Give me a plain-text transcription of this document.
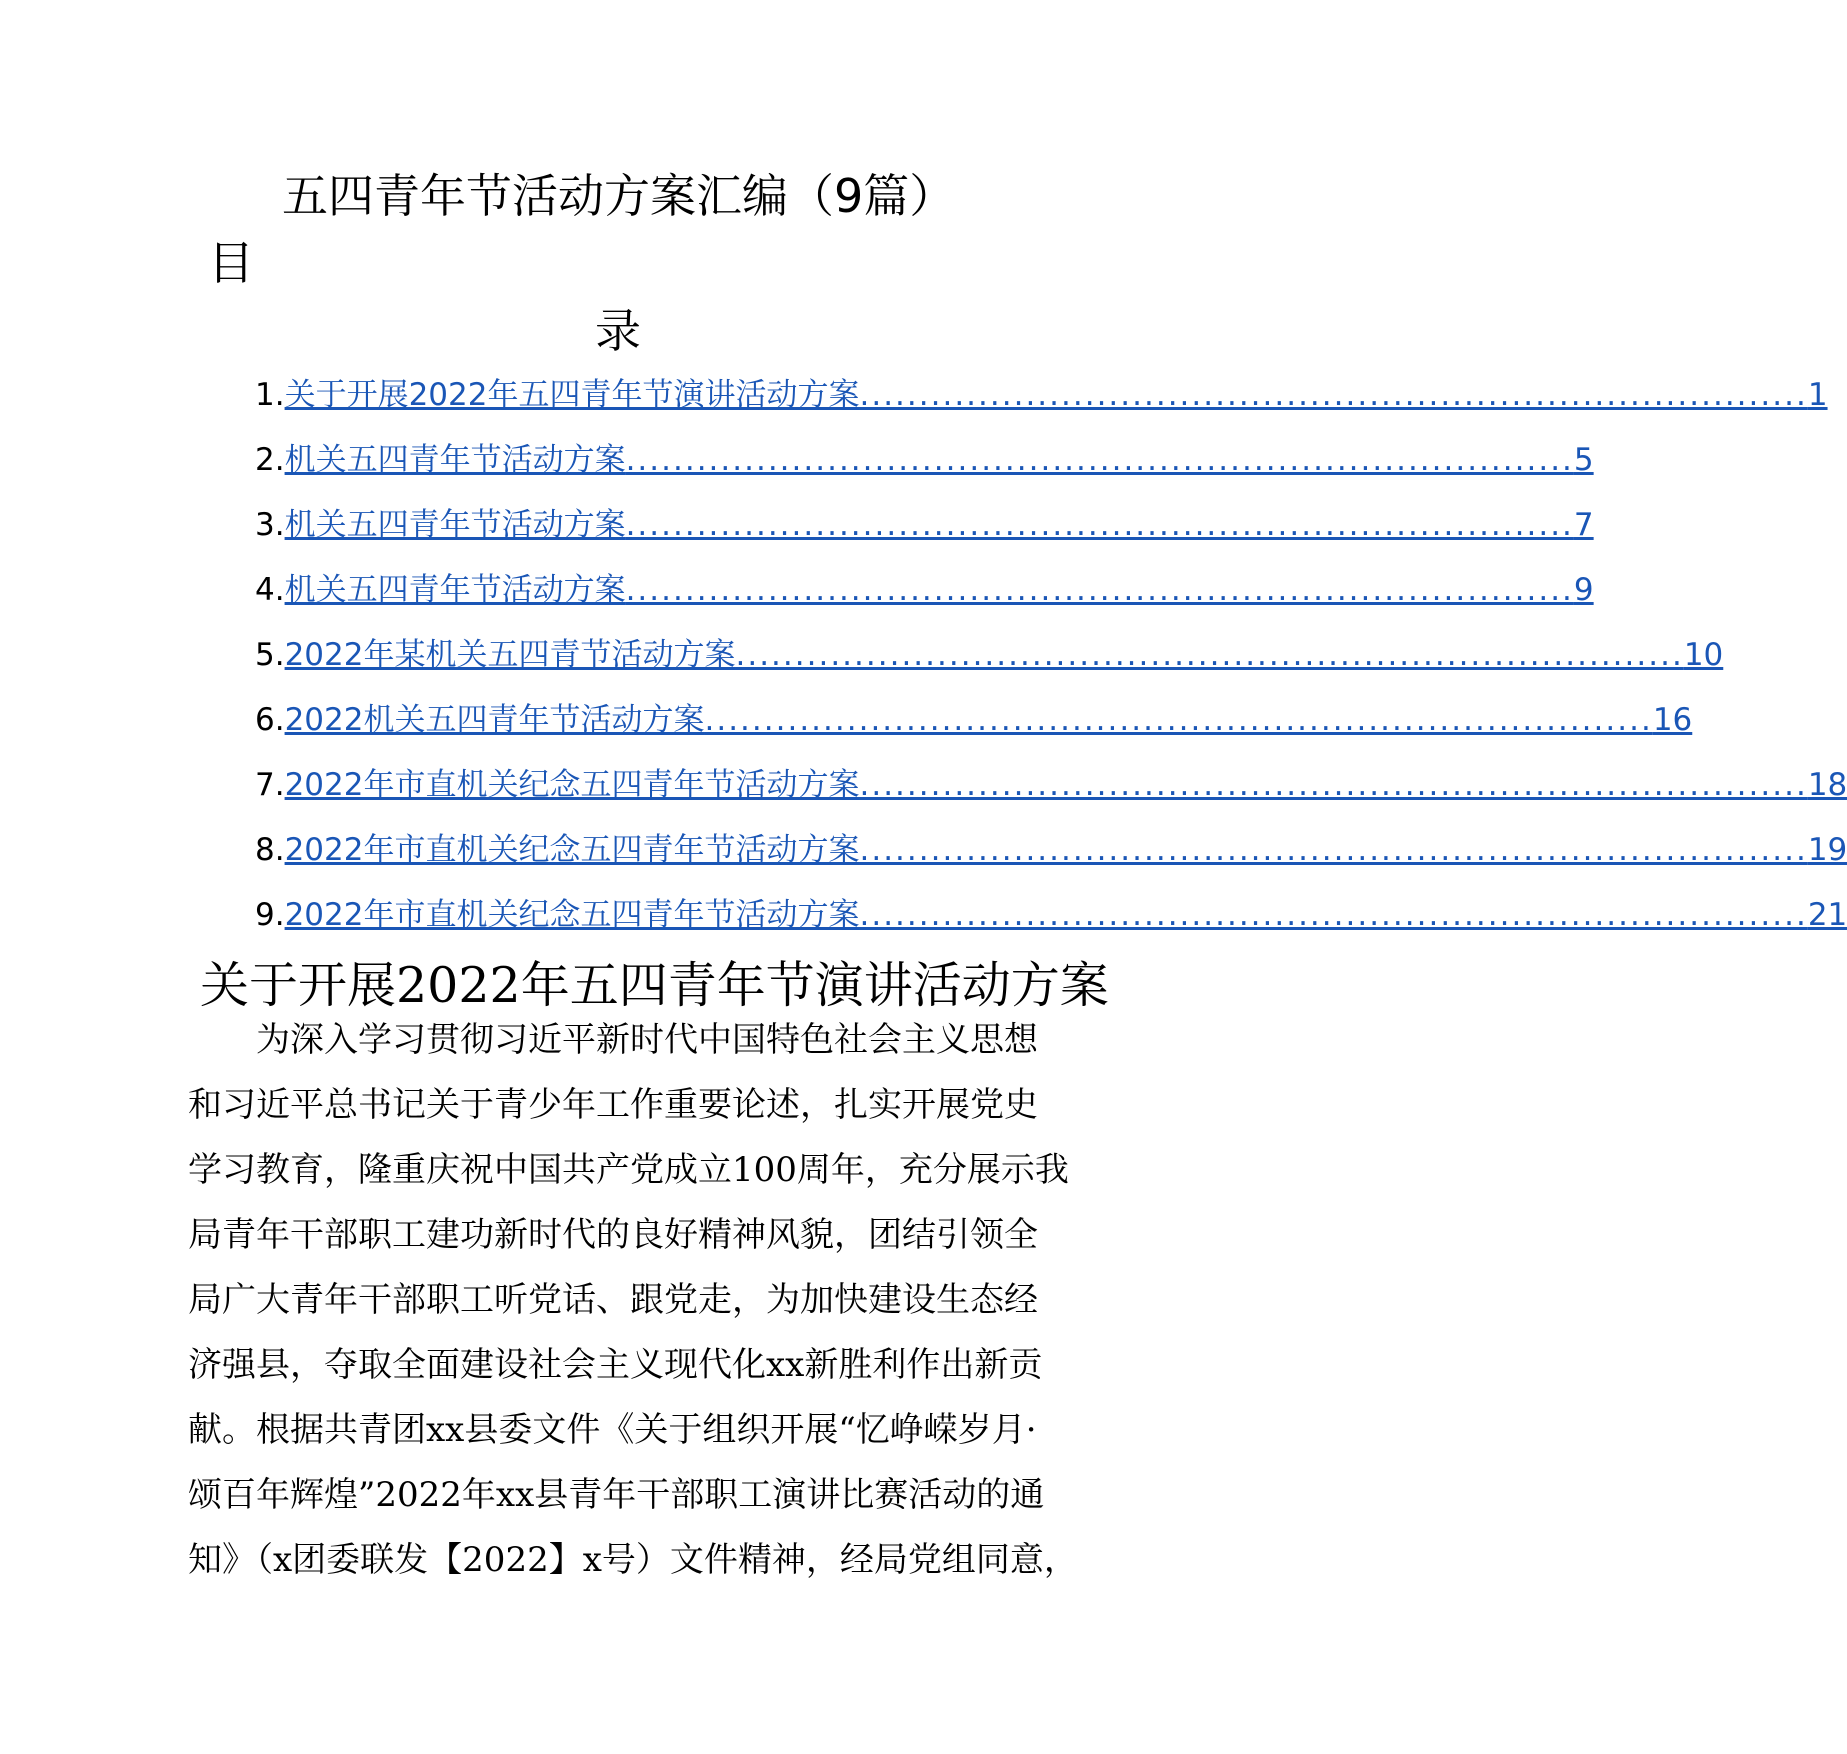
五四青年节活动方案汇编（9篇）
目
录
1. 关于开展2022年五四青年节演讲活动方案 ................................................................................ 1
2. 机关五四青年节活动方案 ................................................................................ 5
3. 机关五四青年节活动方案 ................................................................................ 7
4. 机关五四青年节活动方案 ................................................................................ 9
5. 2022年某机关五四青节活动方案 ................................................................................ 10
6. 2022机关五四青年节活动方案 ................................................................................ 16
7. 2022年市直机关纪念五四青年节活动方案 ................................................................................ 18
8. 2022年市直机关纪念五四青年节活动方案 ................................................................................ 19
9. 2022年市直机关纪念五四青年节活动方案 ................................................................................ 21
关于开展2022年五四青年节演讲活动方案
　　为深入学习贯彻习近平新时代中国特色社会主义思想
和习近平总书记关于青少年工作重要论述，扎实开展党史
学习教育，隆重庆祝中国共产党成立100周年，充分展示我
局青年干部职工建功新时代的良好精神风貌，团结引领全
局广大青年干部职工听党话、跟党走，为加快建设生态经
济强县，夺取全面建设社会主义现代化xx新胜利作出新贡
献。根据共青团xx县委文件《关于组织开展“忆峥嵘岁月·
颂百年辉煌”2022年xx县青年干部职工演讲比赛活动的通
知》（x团委联发【2022】x号）文件精神，经局党组同意，
